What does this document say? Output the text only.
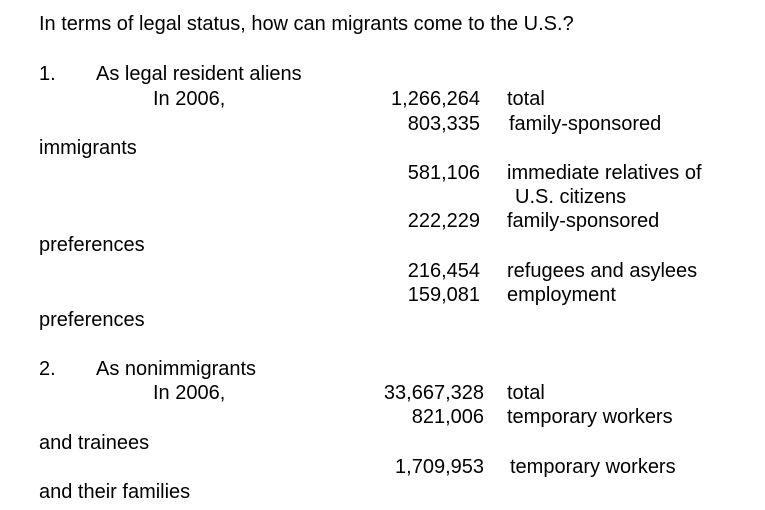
In terms of legal status, how can migrants come to the U.S.?
1. As legal resident aliens
In 2006,	1,266,264 total
803,335 family-sponsored
immigrants
581,106 immediate relatives of
U.S. citizens
222,229 family-sponsored
preferences
216,454 refugees and asylees
159,081 employment
preferences
2. As nonimmigrants
In 2006,	33,667,328 total
821,006 temporary workers
and trainees
1,709,953 temporary workers
and their families
